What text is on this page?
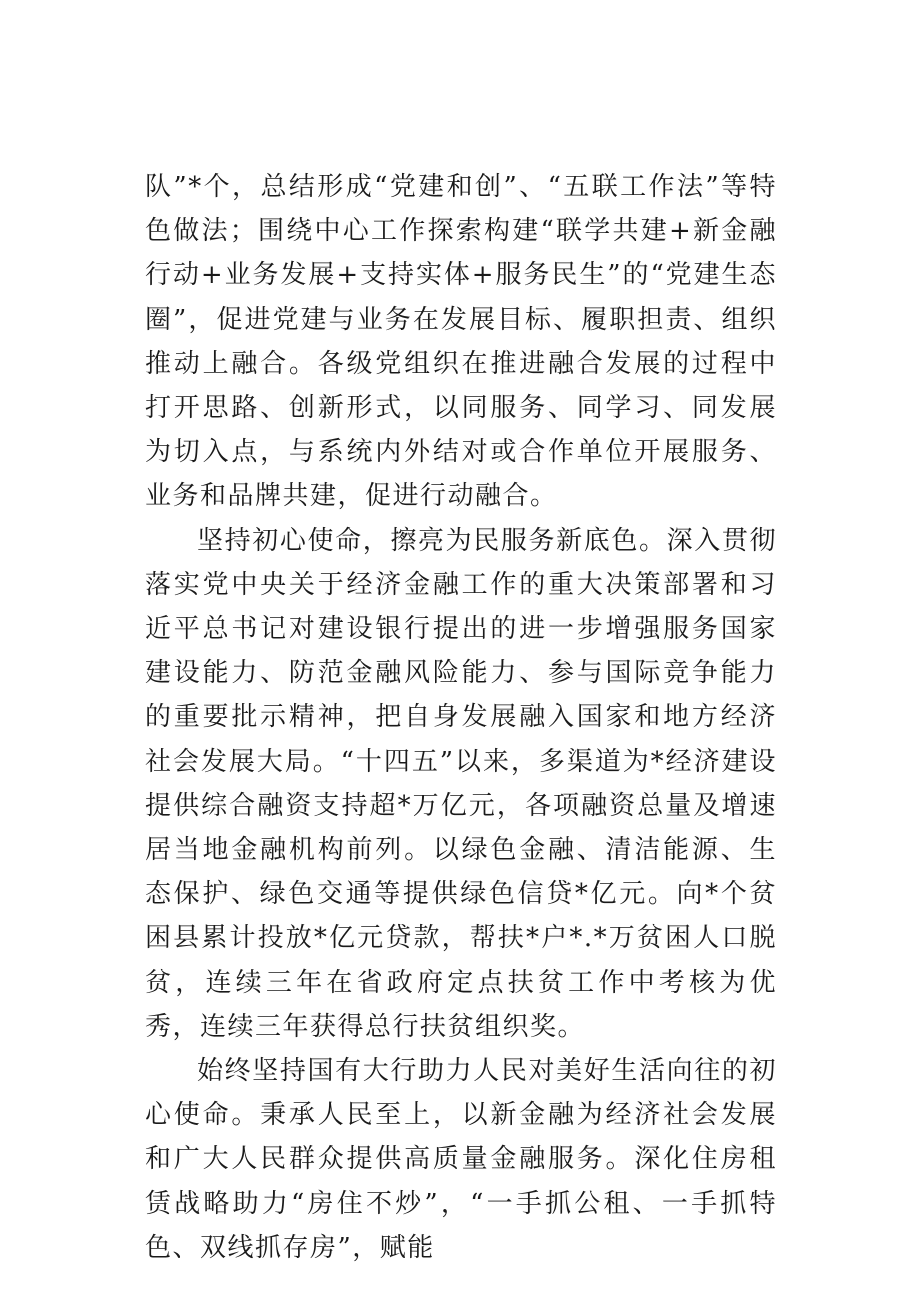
队”*个，总结形成“党建和创”、“五联工作法”等特色做法；围绕中心工作探索构建“联学共建+新金融行动+业务发展+支持实体+服务民生”的“党建生态圈”，促进党建与业务在发展目标、履职担责、组织推动上融合。各级党组织在推进融合发展的过程中打开思路、创新形式，以同服务、同学习、同发展为切入点，与系统内外结对或合作单位开展服务、业务和品牌共建，促进行动融合。

坚持初心使命，擦亮为民服务新底色。深入贯彻落实党中央关于经济金融工作的重大决策部署和习近平总书记对建设银行提出的进一步增强服务国家建设能力、防范金融风险能力、参与国际竞争能力的重要批示精神，把自身发展融入国家和地方经济社会发展大局。“十四五”以来，多渠道为*经济建设提供综合融资支持超*万亿元，各项融资总量及增速居当地金融机构前列。以绿色金融、清洁能源、生态保护、绿色交通等提供绿色信贷*亿元。向*个贫困县累计投放*亿元贷款，帮扶*户*.*万贫困人口脱贫，连续三年在省政府定点扶贫工作中考核为优秀，连续三年获得总行扶贫组织奖。

始终坚持国有大行助力人民对美好生活向往的初心使命。秉承人民至上，以新金融为经济社会发展和广大人民群众提供高质量金融服务。深化住房租赁战略助力“房住不炒”，“一手抓公租、一手抓特色、双线抓存房”，赋能
